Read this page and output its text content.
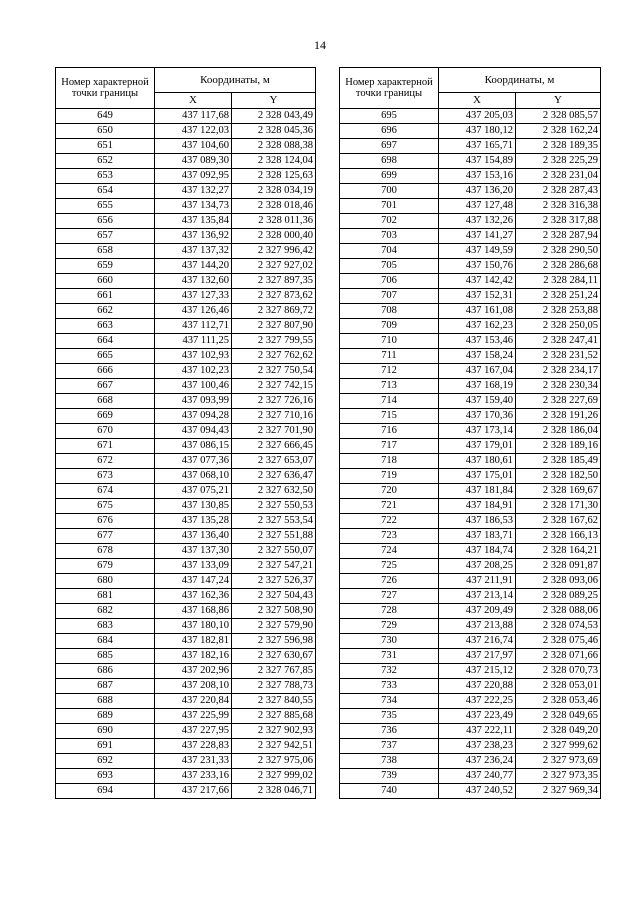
14
Номер характерной точки границы	Координаты, м	
	X	Y
649	437 117,68	2 328 043,49
650	437 122,03	2 328 045,36
651	437 104,60	2 328 088,38
652	437 089,30	2 328 124,04
653	437 092,95	2 328 125,63
654	437 132,27	2 328 034,19
655	437 134,73	2 328 018,46
656	437 135,84	2 328 011,36
657	437 136,92	2 328 000,40
658	437 137,32	2 327 996,42
659	437 144,20	2 327 927,02
660	437 132,60	2 327 897,35
661	437 127,33	2 327 873,62
662	437 126,46	2 327 869,72
663	437 112,71	2 327 807,90
664	437 111,25	2 327 799,55
665	437 102,93	2 327 762,62
666	437 102,23	2 327 750,54
667	437 100,46	2 327 742,15
668	437 093,99	2 327 726,16
669	437 094,28	2 327 710,16
670	437 094,43	2 327 701,90
671	437 086,15	2 327 666,45
672	437 077,36	2 327 653,07
673	437 068,10	2 327 636,47
674	437 075,21	2 327 632,50
675	437 130,85	2 327 550,53
676	437 135,28	2 327 553,54
677	437 136,40	2 327 551,88
678	437 137,30	2 327 550,07
679	437 133,09	2 327 547,21
680	437 147,24	2 327 526,37
681	437 162,36	2 327 504,43
682	437 168,86	2 327 508,90
683	437 180,10	2 327 579,90
684	437 182,81	2 327 596,98
685	437 182,16	2 327 630,67
686	437 202,96	2 327 767,85
687	437 208,10	2 327 788,73
688	437 220,84	2 327 840,55
689	437 225,99	2 327 885,68
690	437 227,95	2 327 902,93
691	437 228,83	2 327 942,51
692	437 231,33	2 327 975,06
693	437 233,16	2 327 999,02
694	437 217,66	2 328 046,71
Номер характерной точки границы	Координаты, м	
	X	Y
695	437 205,03	2 328 085,57
696	437 180,12	2 328 162,24
697	437 165,71	2 328 189,35
698	437 154,89	2 328 225,29
699	437 153,16	2 328 231,04
700	437 136,20	2 328 287,43
701	437 127,48	2 328 316,38
702	437 132,26	2 328 317,88
703	437 141,27	2 328 287,94
704	437 149,59	2 328 290,50
705	437 150,76	2 328 286,68
706	437 142,42	2 328 284,11
707	437 152,31	2 328 251,24
708	437 161,08	2 328 253,88
709	437 162,23	2 328 250,05
710	437 153,46	2 328 247,41
711	437 158,24	2 328 231,52
712	437 167,04	2 328 234,17
713	437 168,19	2 328 230,34
714	437 159,40	2 328 227,69
715	437 170,36	2 328 191,26
716	437 173,14	2 328 186,04
717	437 179,01	2 328 189,16
718	437 180,61	2 328 185,49
719	437 175,01	2 328 182,50
720	437 181,84	2 328 169,67
721	437 184,91	2 328 171,30
722	437 186,53	2 328 167,62
723	437 183,71	2 328 166,13
724	437 184,74	2 328 164,21
725	437 208,25	2 328 091,87
726	437 211,91	2 328 093,06
727	437 213,14	2 328 089,25
728	437 209,49	2 328 088,06
729	437 213,88	2 328 074,53
730	437 216,74	2 328 075,46
731	437 217,97	2 328 071,66
732	437 215,12	2 328 070,73
733	437 220,88	2 328 053,01
734	437 222,25	2 328 053,46
735	437 223,49	2 328 049,65
736	437 222,11	2 328 049,20
737	437 238,23	2 327 999,62
738	437 236,24	2 327 973,69
739	437 240,77	2 327 973,35
740	437 240,52	2 327 969,34
